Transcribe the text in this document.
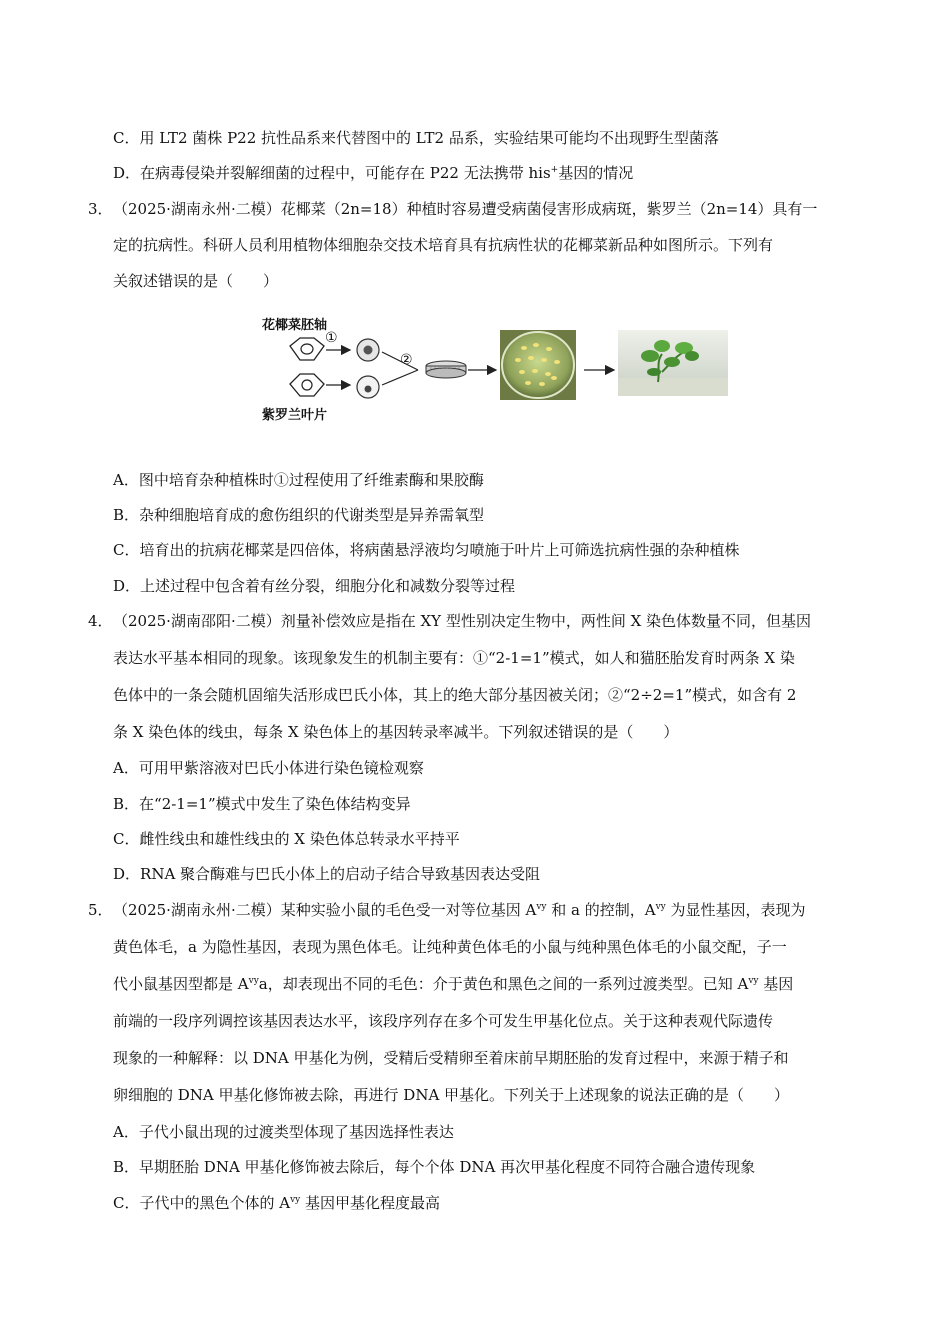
C．用 LT2 菌株 P22 抗性品系来代替图中的 LT2 品系，实验结果可能均不出现野生型菌落
D．在病毒侵染并裂解细菌的过程中，可能存在 P22 无法携带 his+基因的情况
3． （2025·湖南永州·二模）花椰菜（2n=18）种植时容易遭受病菌侵害形成病斑，紫罗兰（2n=14）具有一
定的抗病性。科研人员利用植物体细胞杂交技术培育具有抗病性状的花椰菜新品种如图所示。下列有
关叙述错误的是（　　）
花椰菜胚轴
紫罗兰叶片
①
②
A．图中培育杂种植株时①过程使用了纤维素酶和果胶酶
B．杂种细胞培育成的愈伤组织的代谢类型是异养需氧型
C．培育出的抗病花椰菜是四倍体，将病菌悬浮液均匀喷施于叶片上可筛选抗病性强的杂种植株
D．上述过程中包含着有丝分裂，细胞分化和减数分裂等过程
4． （2025·湖南邵阳·二模）剂量补偿效应是指在 XY 型性别决定生物中，两性间 X 染色体数量不同，但基因
表达水平基本相同的现象。该现象发生的机制主要有：①“2-1=1”模式，如人和猫胚胎发育时两条 X 染
色体中的一条会随机固缩失活形成巴氏小体，其上的绝大部分基因被关闭；②“2÷2=1”模式，如含有 2
条 X 染色体的线虫，每条 X 染色体上的基因转录率减半。下列叙述错误的是（　　）
A．可用甲紫溶液对巴氏小体进行染色镜检观察
B．在“2-1=1”模式中发生了染色体结构变异
C．雌性线虫和雄性线虫的 X 染色体总转录水平持平
D．RNA 聚合酶难与巴氏小体上的启动子结合导致基因表达受阻
5． （2025·湖南永州·二模）某种实验小鼠的毛色受一对等位基因 $A^{vy}$ 和 a 的控制，$A^{vy}$ 为显性基因，表现为
黄色体毛，a 为隐性基因，表现为黑色体毛。让纯种黄色体毛的小鼠与纯种黑色体毛的小鼠交配，子一
代小鼠基因型都是 $A^{vy}a$，却表现出不同的毛色：介于黄色和黑色之间的一系列过渡类型。已知 $A^{vy}$ 基因
前端的一段序列调控该基因表达水平，该段序列存在多个可发生甲基化位点。关于这种表观代际遗传
现象的一种解释：以 DNA 甲基化为例，受精后受精卵至着床前早期胚胎的发育过程中，来源于精子和
卵细胞的 DNA 甲基化修饰被去除，再进行 DNA 甲基化。下列关于上述现象的说法正确的是（　　）
A．子代小鼠出现的过渡类型体现了基因选择性表达
B．早期胚胎 DNA 甲基化修饰被去除后，每个个体 DNA 再次甲基化程度不同符合融合遗传现象
C．子代中的黑色个体的 $A^{vy}$ 基因甲基化程度最高
